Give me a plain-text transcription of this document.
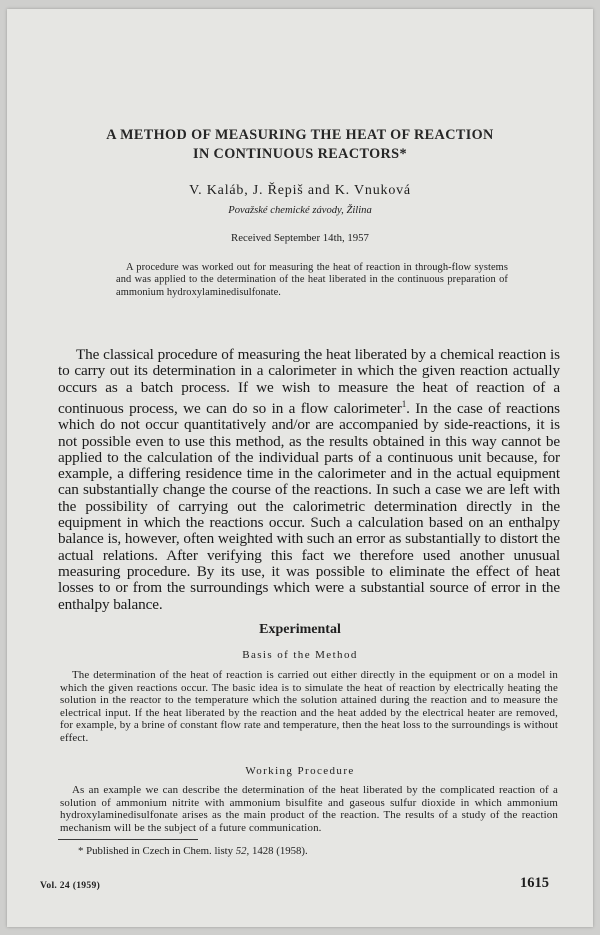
A METHOD OF MEASURING THE HEAT OF REACTION
IN CONTINUOUS REACTORS*
V. Kaláb, J. Řepiš and K. Vnuková
Považské chemické závody, Žilina
Received September 14th, 1957
A procedure was worked out for measuring the heat of reaction in through-flow systems and was applied to the determination of the heat liberated in the continuous preparation of ammonium hydroxylaminedisulfonate.
The classical procedure of measuring the heat liberated by a chemical reaction is to carry out its determination in a calorimeter in which the given reaction actually occurs as a batch process. If we wish to measure the heat of reaction of a continuous process, we can do so in a flow calorimeter$^1$. In the case of reactions which do not occur quantitatively and/or are accompanied by side-reactions, it is not possible even to use this method, as the results obtained in this way cannot be applied to the calculation of the individual parts of a continuous unit because, for example, a differing residence time in the calorimeter and in the actual equipment can substantially change the course of the reactions. In such a case we are left with the possibility of carrying out the calorimetric determination directly in the equipment in which the reactions occur. Such a calculation based on an enthalpy balance is, however, often weighted with such an error as substantially to distort the actual relations. After verifying this fact we therefore used another unusual measuring procedure. By its use, it was possible to eliminate the effect of heat losses to or from the surroundings which were a substantial source of error in the enthalpy balance.
Experimental
Basis of the Method
The determination of the heat of reaction is carried out either directly in the equipment or on a model in which the given reactions occur. The basic idea is to simulate the heat of reaction by electrically heating the solution in the reactor to the temperature which the solution attained during the reaction and to measure the electrical input. If the heat liberated by the reaction and the heat added by the electrical heater are removed, for example, by a brine of constant flow rate and temperature, then the heat loss to the surroundings is without effect.
Working Procedure
As an example we can describe the determination of the heat liberated by the complicated reaction of a solution of ammonium nitrite with ammonium bisulfite and gaseous sulfur dioxide in which ammonium hydroxylaminedisulfonate arises as the main product of the reaction. The results of a study of the reaction mechanism will be the subject of a future communication.
* Published in Czech in Chem. listy 52, 1428 (1958).
Vol. 24 (1959)	1615
